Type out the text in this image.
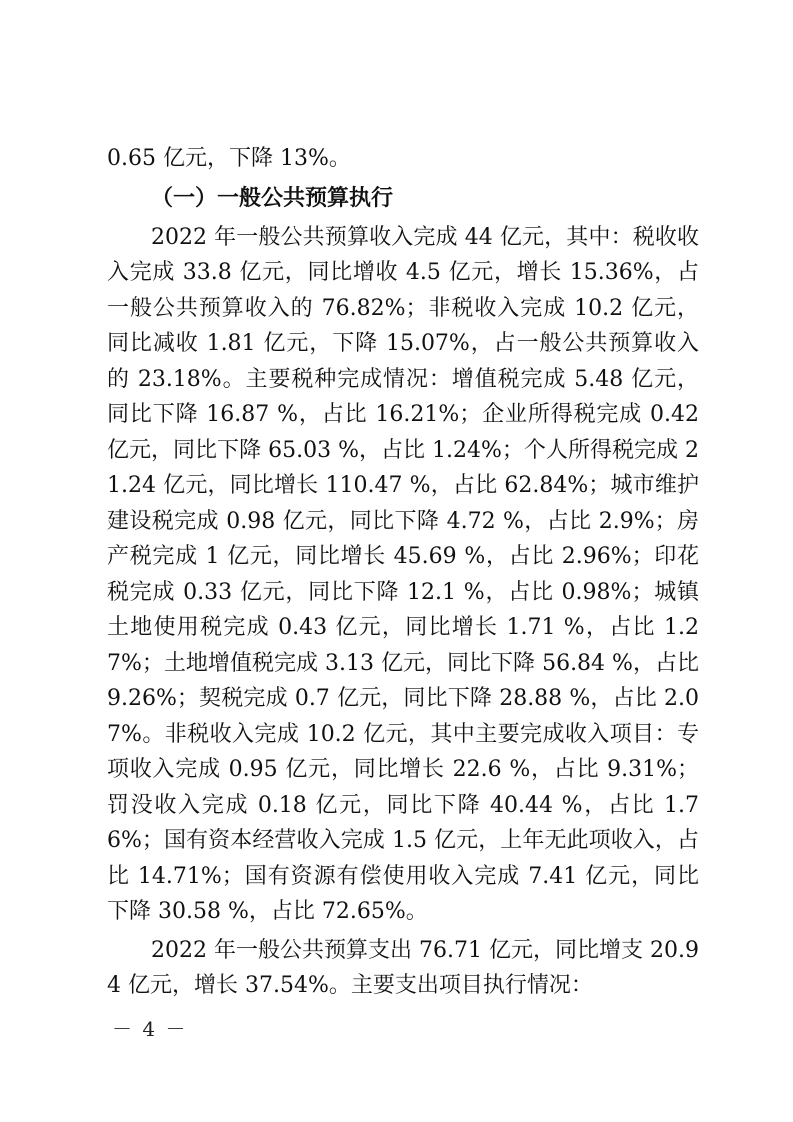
0.65 亿元，下降 13%。

（一）一般公共预算执行

2022 年一般公共预算收入完成 44 亿元，其中：税收收入完成 33.8 亿元，同比增收 4.5 亿元，增长 15.36%，占一般公共预算收入的 76.82%；非税收入完成 10.2 亿元，同比减收 1.81 亿元，下降 15.07%，占一般公共预算收入的 23.18%。主要税种完成情况：增值税完成 5.48 亿元，同比下降 16.87 %，占比 16.21%；企业所得税完成 0.42 亿元，同比下降 65.03 %，占比 1.24%；个人所得税完成 21.24 亿元，同比增长 110.47 %，占比 62.84%；城市维护建设税完成 0.98 亿元，同比下降 4.72 %，占比 2.9%；房产税完成 1 亿元，同比增长 45.69 %，占比 2.96%；印花税完成 0.33 亿元，同比下降 12.1 %，占比 0.98%；城镇土地使用税完成 0.43 亿元，同比增长 1.71 %，占比 1.27%；土地增值税完成 3.13 亿元，同比下降 56.84 %，占比 9.26%；契税完成 0.7 亿元，同比下降 28.88 %，占比 2.07%。非税收入完成 10.2 亿元，其中主要完成收入项目：专项收入完成 0.95 亿元，同比增长 22.6 %，占比 9.31%；罚没收入完成 0.18 亿元，同比下降 40.44 %，占比 1.76%；国有资本经营收入完成 1.5 亿元，上年无此项收入，占比 14.71%；国有资源有偿使用收入完成 7.41 亿元，同比下降 30.58 %，占比 72.65%。

2022 年一般公共预算支出 76.71 亿元，同比增支 20.94 亿元，增长 37.54%。主要支出项目执行情况：

－ 4 －
